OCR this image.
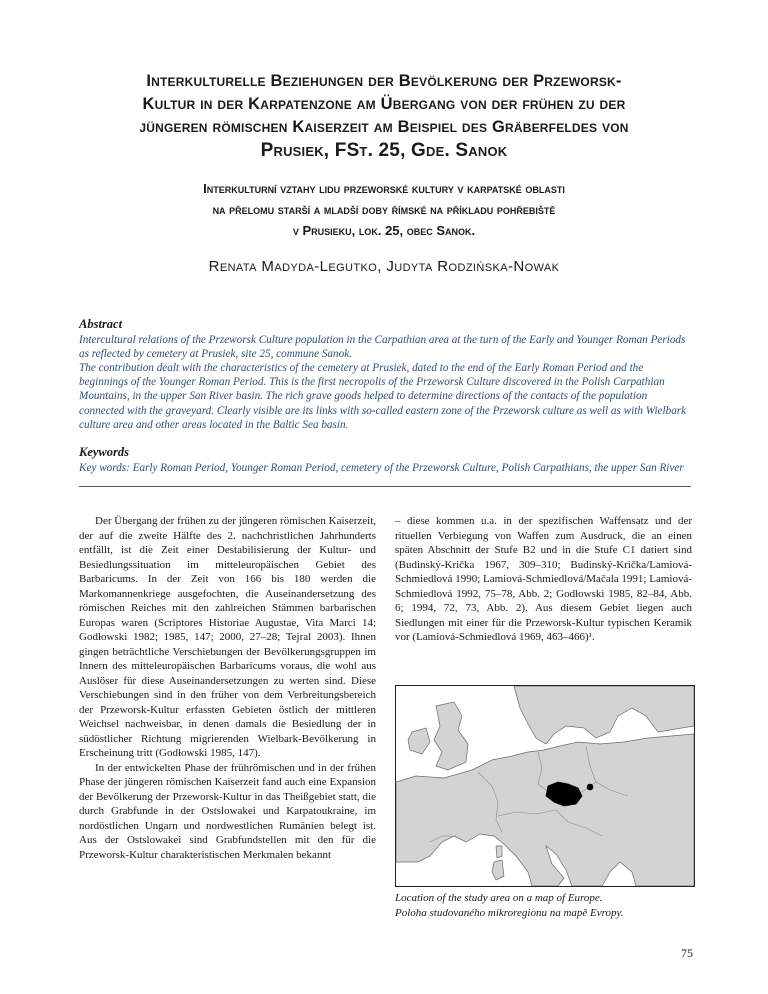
Interkulturelle Beziehungen der Bevölkerung der Przeworsk-
Kultur in der Karpatenzone am Übergang von der frühen zu der
jüngeren römischen Kaiserzeit am Beispiel des Gräberfeldes von
Prusiek, FSt. 25, Gde. Sanok
Interkulturní vztahy lidu przeworské kultury v karpatské oblasti
na přelomu starší a mladší doby římské na příkladu pohřebiště
v Prusieku, lok. 25, obec Sanok.
Renata Madyda-Legutko, Judyta Rodzińska-Nowak
Abstract

Intercultural relations of the Przeworsk Culture population in the Carpathian area at the turn of the Early and Younger Roman Periods as reflected by cemetery at Prusiek, site 25, commune Sanok.

The contribution dealt with the characteristics of the cemetery at Prusiek, dated to the end of the Early Roman Period and the beginnings of the Younger Roman Period. This is the first necropolis of the Przeworsk Culture discovered in the Polish Carpathian Mountains, in the upper San River basin. The rich grave goods helped to determine directions of the contacts of the population connected with the graveyard. Clearly visible are its links with so-called eastern zone of the Przeworsk culture as well as with Wielbark culture area and other areas located in the Baltic Sea basin.

Keywords

Key words: Early Roman Period, Younger Roman Period, cemetery of the Przeworsk Culture, Polish Carpathians, the upper San River

Der Übergang der frühen zu der jüngeren römischen Kaiserzeit, der auf die zweite Hälfte des 2. nachchristlichen Jahrhunderts entfällt, ist die Zeit einer Destabilisierung der Kultur- und Besiedlungssituation im mitteleuropäischen Gebiet des Barbaricums. In der Zeit von 166 bis 180 werden die Markomannenkriege ausgefochten, die Auseinandersetzung des römischen Reiches mit den zahlreichen Stämmen barbarischen Europas waren (Scriptores Historiae Augustae, Vita Marci 14; Godłowski 1982; 1985, 147; 2000, 27–28; Tejral 2003). Ihnen gingen beträchtliche Verschiebungen der Bevölkerungsgruppen im Innern des mitteleuropäischen Barbaricums voraus, die wohl aus Auslöser für diese Auseinandersetzungen zu werten sind. Diese Verschiebungen sind in den früher von dem Verbreitungsbereich der Przeworsk-Kultur erfassten Gebieten östlich der mittleren Weichsel nachweisbar, in denen damals die Besiedlung der in südöstlicher Richtung migrierenden Wielbark-Bevölkerung in Erscheinung tritt (Godłowski 1985, 147).

In der entwickelten Phase der frührömischen und in der frühen Phase der jüngeren römischen Kaiserzeit fand auch eine Expansion der Bevölkerung der Przeworsk-Kultur in das Theißgebiet statt, die durch Grabfunde in der Ostslowakei und Karpatoukraine, im nordöstlichen Ungarn und nordwestlichen Rumänien belegt ist. Aus der Ostslowakei sind Grabfundstellen mit den für die Przeworsk-Kultur charakteristischen Merkmalen bekannt

– diese kommen u.a. in der spezifischen Waffensatz und der rituellen Verbiegung von Waffen zum Ausdruck, die an einen späten Abschnitt der Stufe B2 und in die Stufe C1 datiert sind (Budinský-Krička 1967, 309–310; Budinský-Krička/Lamiová-Schmiedlová 1990; Lamiová-Schmiedlová/Mačala 1991; Lamiová-Schmiedlová 1992, 75–78, Abb. 2; Godłowski 1985, 82–84, Abb. 6; 1994, 72, 73, Abb. 2). Aus diesem Gebiet liegen auch Siedlungen mit einer für die Przeworsk-Kultur typischen Keramik vor (Lamiová-Schmiedlová 1969, 463–466)¹.

Location of the study area on a map of Europe.
Poloha studovaného mikroregionu na mapě Evropy.
75
